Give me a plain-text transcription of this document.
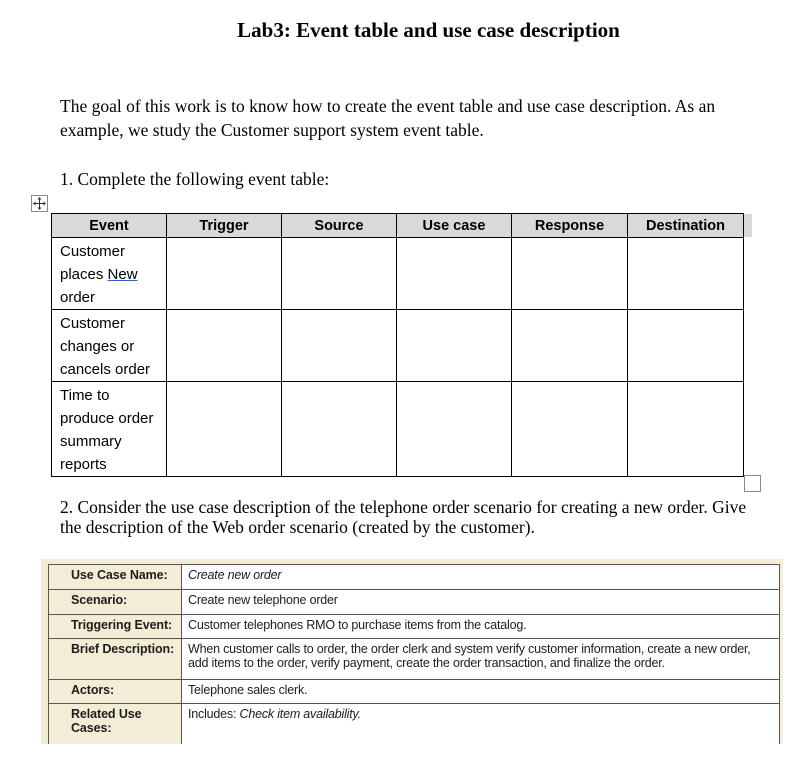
Lab3: Event table and use case description
The goal of this work is to know how to create the event table and use case description. As an example, we study the Customer support system event table.
1. Complete the following event table:
Event	Trigger	Source	Use case	Response	Destination
Customer places New order					
Customer changes or cancels order					
Time to produce order summary reports					
2. Consider the use case description of the telephone order scenario for creating a new order. Give the description of the Web order scenario (created by the customer).
Use Case Name:	Create new order
Scenario:	Create new telephone order
Triggering Event:	Customer telephones RMO to purchase items from the catalog.
Brief Description:	When customer calls to order, the order clerk and system verify customer information, create a new order, add items to the order, verify payment, create the order transaction, and finalize the order.
Actors:	Telephone sales clerk.
Related Use Cases:	Includes: Check item availability.
